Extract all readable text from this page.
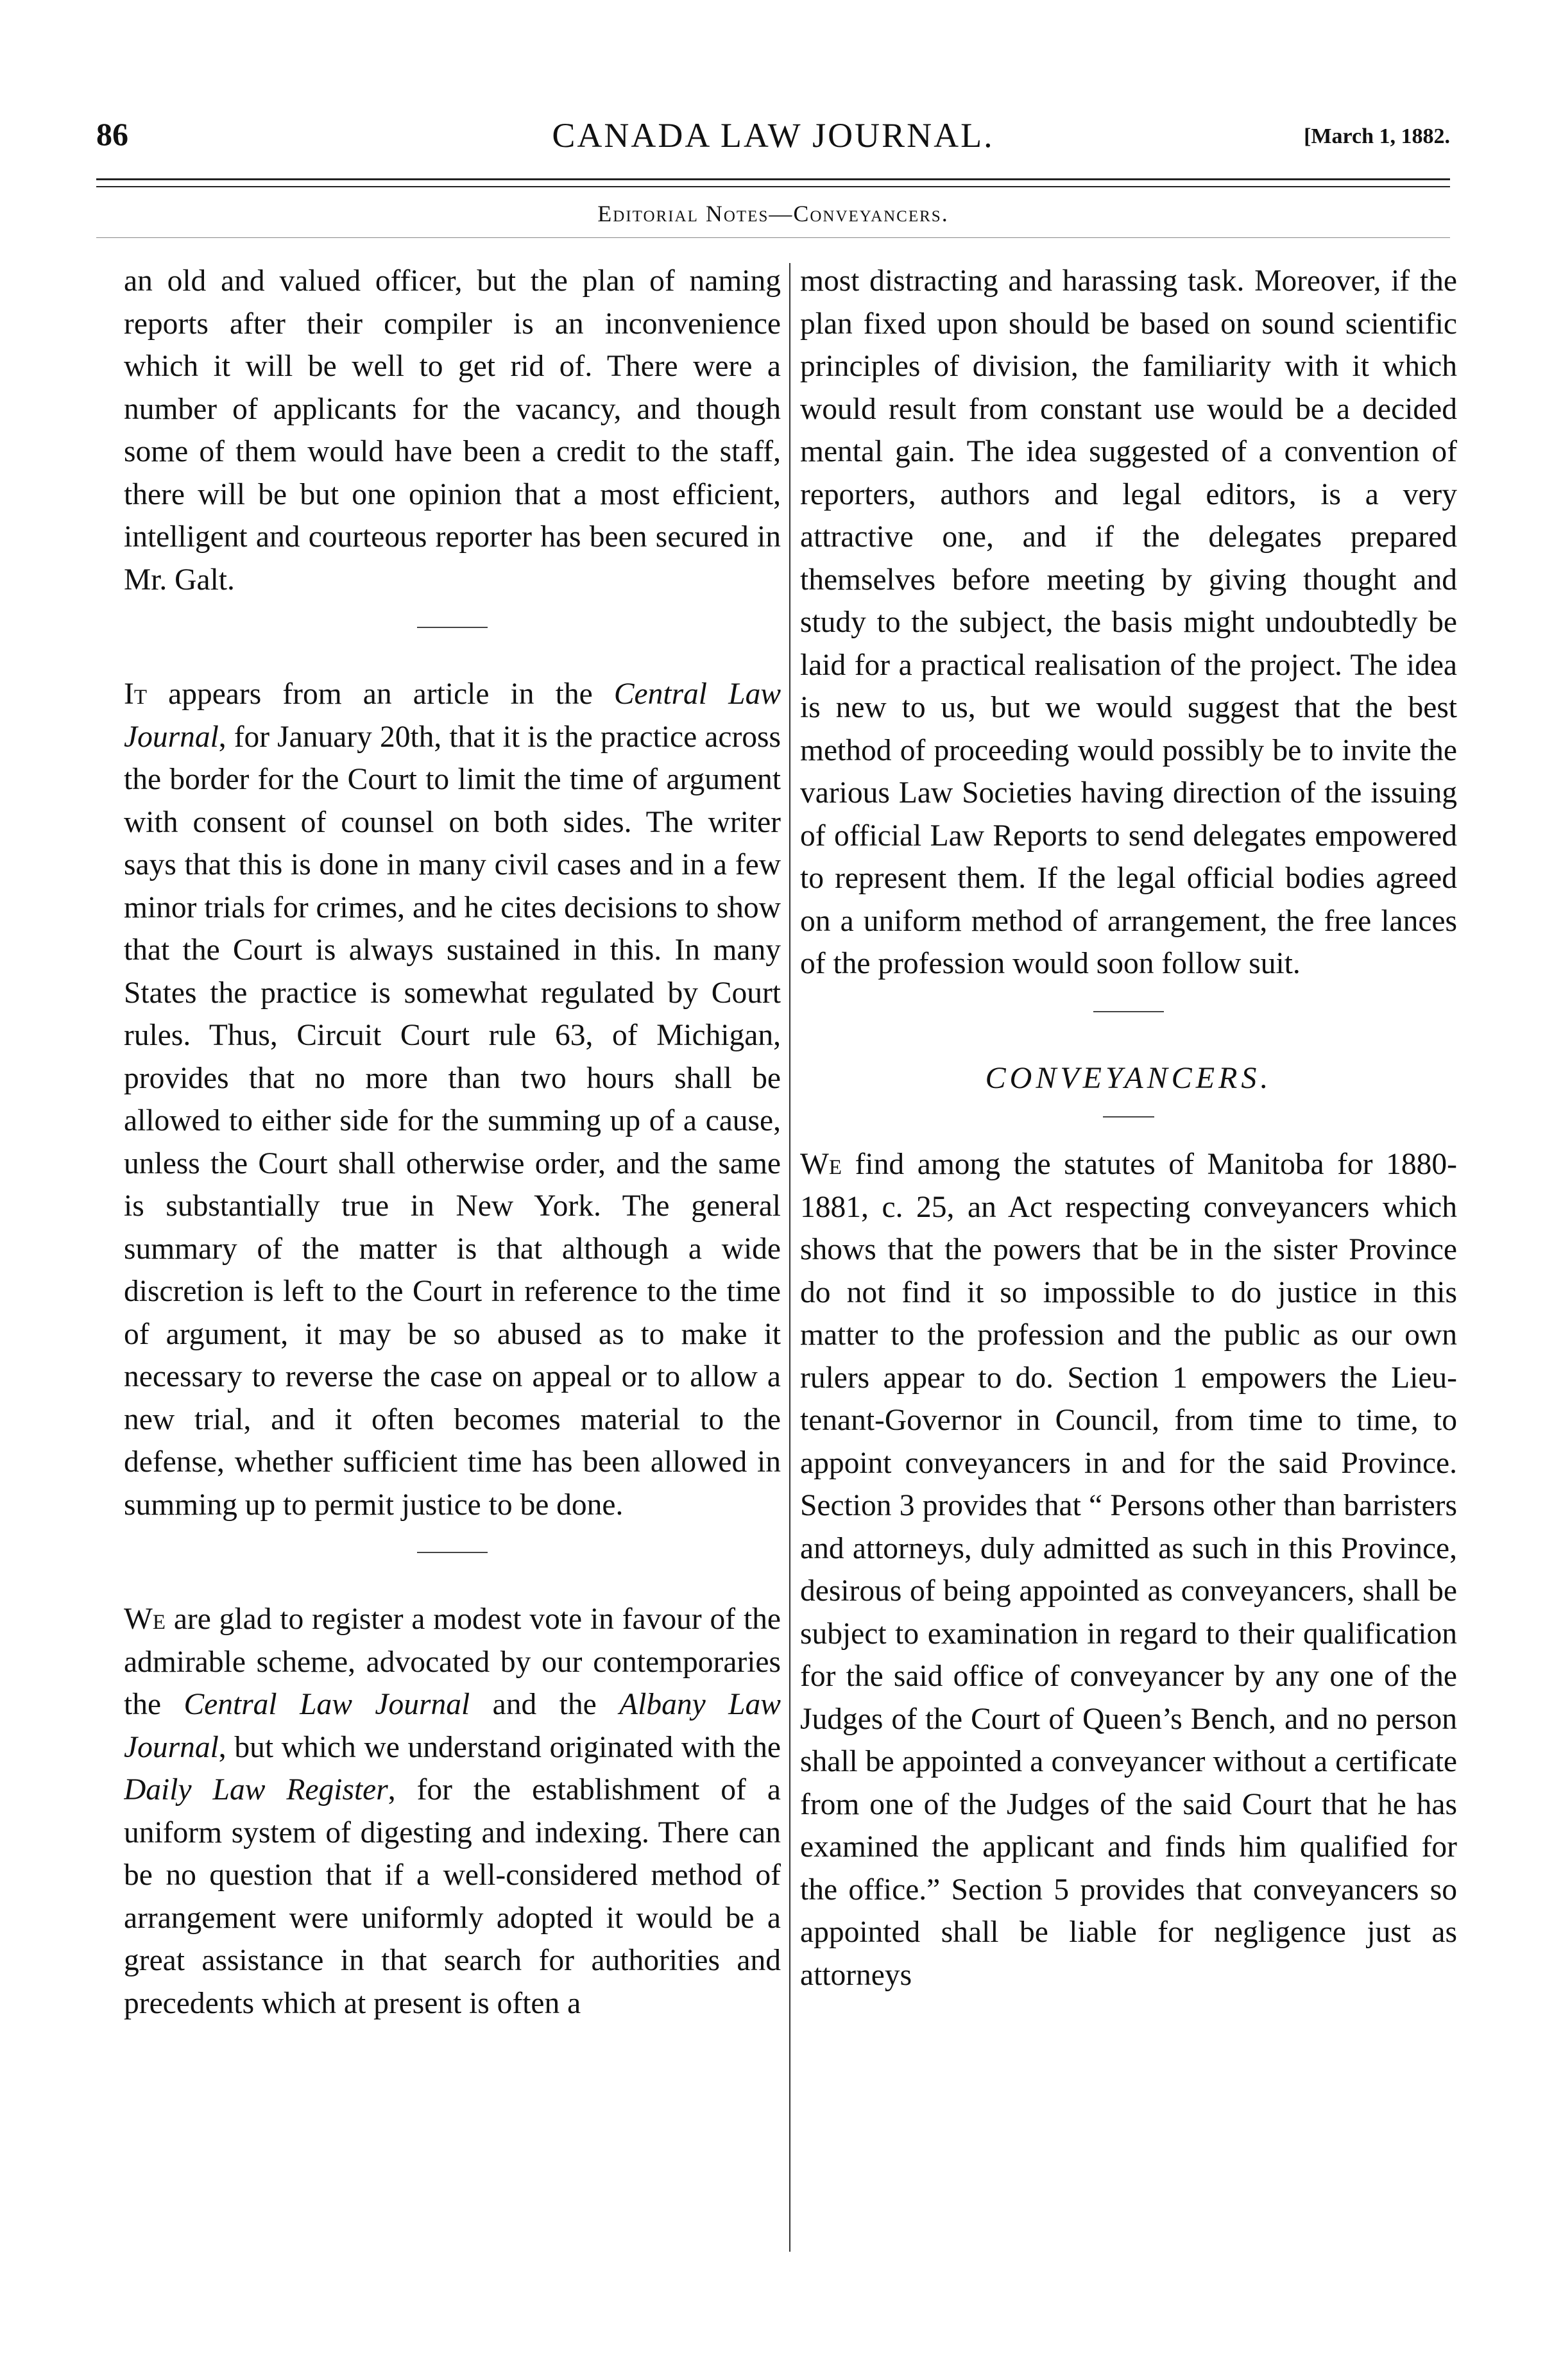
86	CANADA LAW JOURNAL.	[March 1, 1882.
Editorial Notes—Conveyancers.

an old and valued officer, but the plan of naming reports after their compiler is an inconvenience which it will be well to get rid of. There were a number of applicants for the vacancy, and though some of them would have been a credit to the staff, there will be but one opinion that a most efficient, intelligent and courteous reporter has been secured in Mr. Galt.

It appears from an article in the Central Law Journal, for January 20th, that it is the practice across the border for the Court to limit the time of argument with consent of counsel on both sides. The writer says that this is done in many civil cases and in a few minor trials for crimes, and he cites decisions to show that the Court is always sustained in this. In many States the practice is somewhat regulated by Court rules. Thus, Circuit Court rule 63, of Michigan, provides that no more than two hours shall be allowed to either side for the summing up of a cause, unless the Court shall otherwise order, and the same is substantially true in New York. The general summary of the matter is that although a wide discretion is left to the Court in reference to the time of argument, it may be so abused as to make it necessary to reverse the case on appeal or to allow a new trial, and it often becomes material to the defense, whether sufficient time has been allowed in summing up to permit justice to be done.

We are glad to register a modest vote in favour of the admirable scheme, advocated by our contemporaries the Central Law Journal and the Albany Law Journal, but which we understand originated with the Daily Law Register, for the establishment of a uniform system of digesting and indexing. There can be no question that if a well-considered method of arrangement were uniformly adopted it would be a great assistance in that search for authorities and precedents which at present is often a

most distracting and harassing task. Moreover, if the plan fixed upon should be based on sound scientific principles of division, the familiarity with it which would result from constant use would be a decided mental gain. The idea suggested of a convention of reporters, authors and legal editors, is a very attractive one, and if the delegates prepared themselves before meeting by giving thought and study to the subject, the basis might undoubtedly be laid for a practical realisation of the project. The idea is new to us, but we would suggest that the best method of proceeding would possibly be to invite the various Law Societies having direction of the issuing of official Law Reports to send delegates empowered to represent them. If the legal official bodies agreed on a uniform method of arrangement, the free lances of the profession would soon follow suit.

CONVEYANCERS.

We find among the statutes of Manitoba for 1880-1881, c. 25, an Act respecting conveyancers which shows that the powers that be in the sister Province do not find it so impossible to do justice in this matter to the profession and the public as our own rulers appear to do. Section 1 empowers the Lieutenant-Governor in Council, from time to time, to appoint conveyancers in and for the said Province. Section 3 provides that “ Persons other than barristers and attorneys, duly admitted as such in this Province, desirous of being appointed as conveyancers, shall be subject to examination in regard to their qualification for the said office of conveyancer by any one of the Judges of the Court of Queen’s Bench, and no person shall be appointed a conveyancer without a certificate from one of the Judges of the said Court that he has examined the applicant and finds him qualified for the office.” Section 5 provides that conveyancers so appointed shall be liable for negligence just as attorneys
